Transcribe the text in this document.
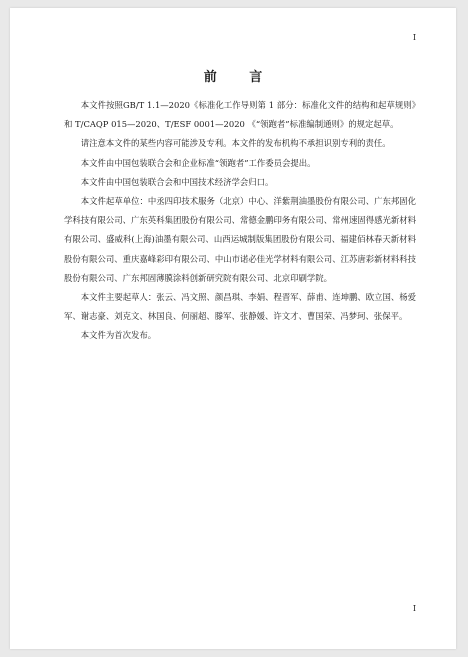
I
前 言

本文件按照GB/T 1.1—2020《标准化工作导则第 1 部分：标准化文件的结构和起草规则》和 T/CAQP 015—2020、T/ESF 0001—2020 《“领跑者”标准编制通则》的规定起草。

请注意本文件的某些内容可能涉及专利。本文件的发布机构不承担识别专利的责任。

本文件由中国包装联合会和企业标准“领跑者”工作委员会提出。

本文件由中国包装联合会和中国技术经济学会归口。

本文件起草单位：中丞四印技术服务（北京）中心、洋紫荆油墨股份有限公司、广东邦固化学科技有限公司、广东英科集团股份有限公司、常德金鹏印务有限公司、常州速固得感光新材料有限公司、盛威科(上海)油墨有限公司、山西运城制版集团股份有限公司、福建佰林春天新材料股份有限公司、重庆嘉峰彩印有限公司、中山市诺必佳光学材料有限公司、江苏唐彩新材料科技股份有限公司、广东邦固薄膜涂料创新研究院有限公司、北京印刷学院。

本文件主要起草人：张云、冯文照、颜昌琪、李娟、程晋军、薛甫、连坤鹏、欧立国、杨爱军、谢志豪、刘克文、林国良、何丽超、滕军、张静媛、许文才、曹国荣、冯梦珂、张保平。

本文件为首次发布。

I
